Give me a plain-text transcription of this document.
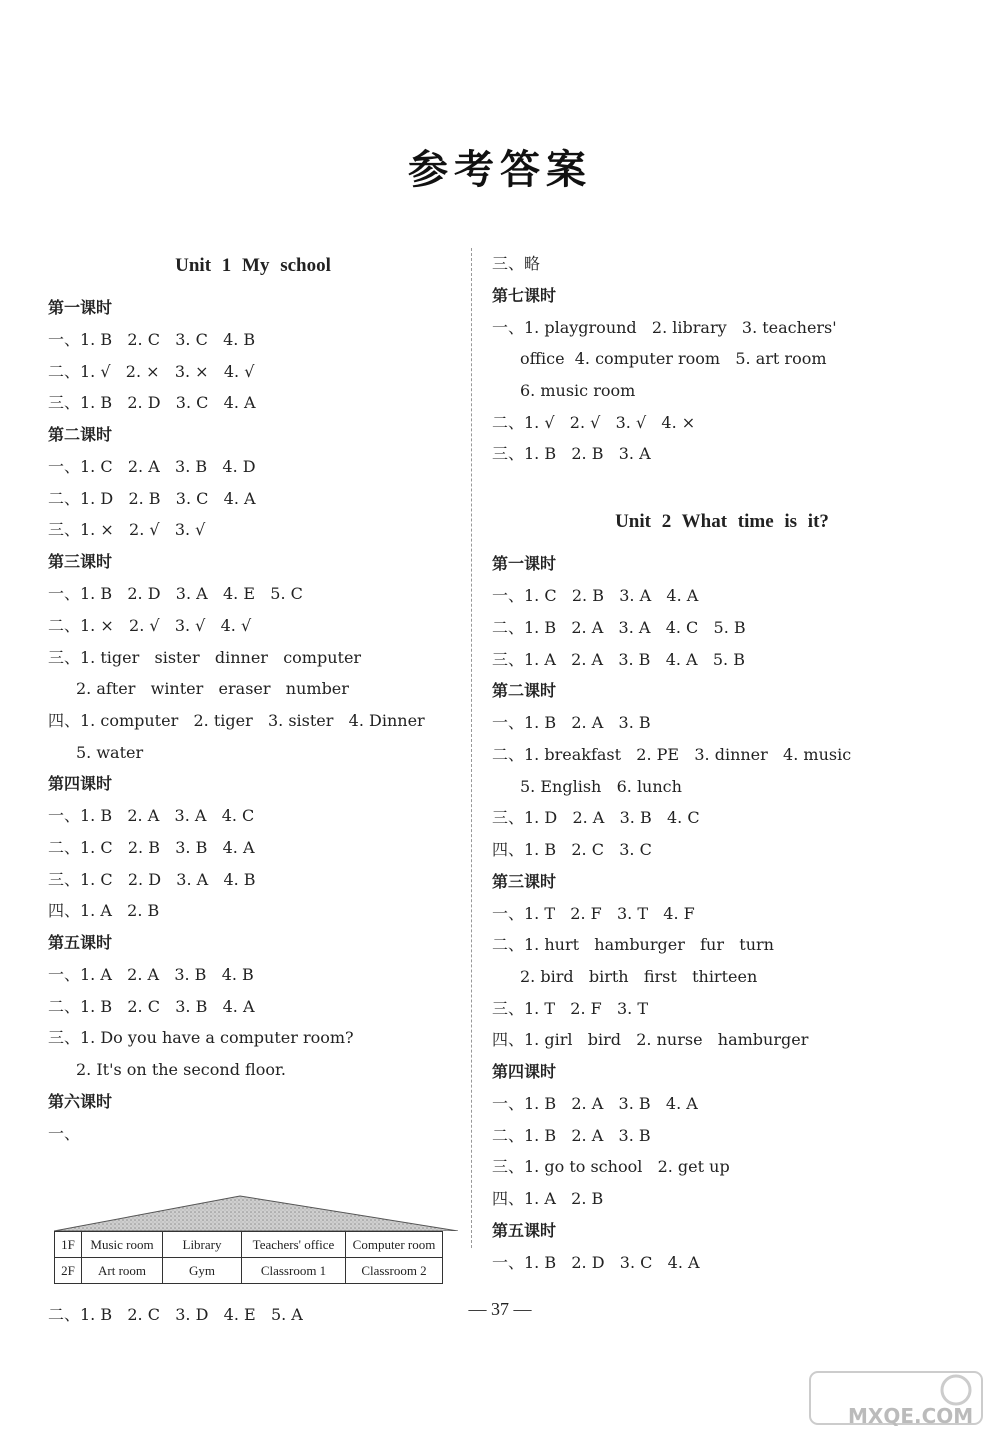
参考答案
Unit 1 My school
第一课时
一、1. B   2. C   3. C   4. B
二、1. √   2. ×   3. ×   4. √
三、1. B   2. D   3. C   4. A
第二课时
一、1. C   2. A   3. B   4. D
二、1. D   2. B   3. C   4. A
三、1. ×   2. √   3. √
第三课时
一、1. B   2. D   3. A   4. E   5. C
二、1. ×   2. √   3. √   4. √
三、1. tiger   sister   dinner   computer
2. after   winter   eraser   number
四、1. computer   2. tiger   3. sister   4. Dinner
5. water
第四课时
一、1. B   2. A   3. A   4. C
二、1. C   2. B   3. B   4. A
三、1. C   2. D   3. A   4. B
四、1. A   2. B
第五课时
一、1. A   2. A   3. B   4. B
二、1. B   2. C   3. B   4. A
三、1. Do you have a computer room?
2. It's on the second floor.
第六课时
一、
1F	Music room	Library	Teachers' office	Computer room
2F	Art room	Gym	Classroom 1	Classroom 2
二、1. B   2. C   3. D   4. E   5. A
三、略
第七课时
一、1. playground   2. library   3. teachers'
office  4. computer room   5. art room
6. music room
二、1. √   2. √   3. √   4. ×
三、1. B   2. B   3. A
Unit 2 What time is it?
第一课时
一、1. C   2. B   3. A   4. A
二、1. B   2. A   3. A   4. C   5. B
三、1. A   2. A   3. B   4. A   5. B
第二课时
一、1. B   2. A   3. B
二、1. breakfast   2. PE   3. dinner   4. music
5. English   6. lunch
三、1. D   2. A   3. B   4. C
四、1. B   2. C   3. C
第三课时
一、1. T   2. F   3. T   4. F
二、1. hurt   hamburger   fur   turn
2. bird   birth   first   thirteen
三、1. T   2. F   3. T
四、1. girl   bird   2. nurse   hamburger
第四课时
一、1. B   2. A   3. B   4. A
二、1. B   2. A   3. B
三、1. go to school   2. get up
四、1. A   2. B
第五课时
一、1. B   2. D   3. C   4. A
— 37 —
MXQE.COM
